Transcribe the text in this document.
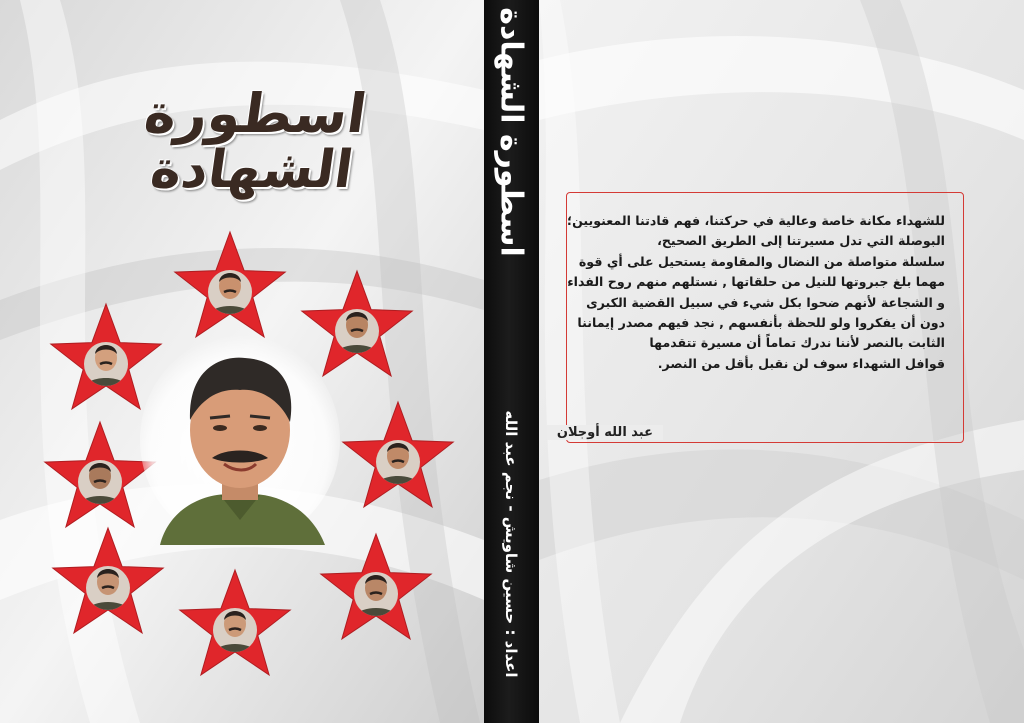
اسطورة
الشهادة	اسطورة الشهادة
اعداد : حسين شاويش - نجم عبد الله
للشهداء مكانة خاصة وعالية في حركتنا، فهم قادتنا المعنويين؛
البوصلة التي تدل مسيرتنا إلى الطريق الصحيح،
سلسلة متواصلة من النضال والمقاومة يستحيل على أي قوة
مهما بلغ جبروتها للنيل من حلقاتها , نستلهم منهم روح الفداء
و الشجاعة لأنهم ضحوا بكل شيء في سبيل القضية الكبرى
دون أن يفكروا ولو للحظة بأنفسهم , نجد فيهم مصدر إيماننا
الثابت بالنصر لأننا ندرك تماماً أن مسيرة تتقدمها
قوافل الشهداء سوف لن نقبل بأقل من النصر.
عبد الله أوجلان
